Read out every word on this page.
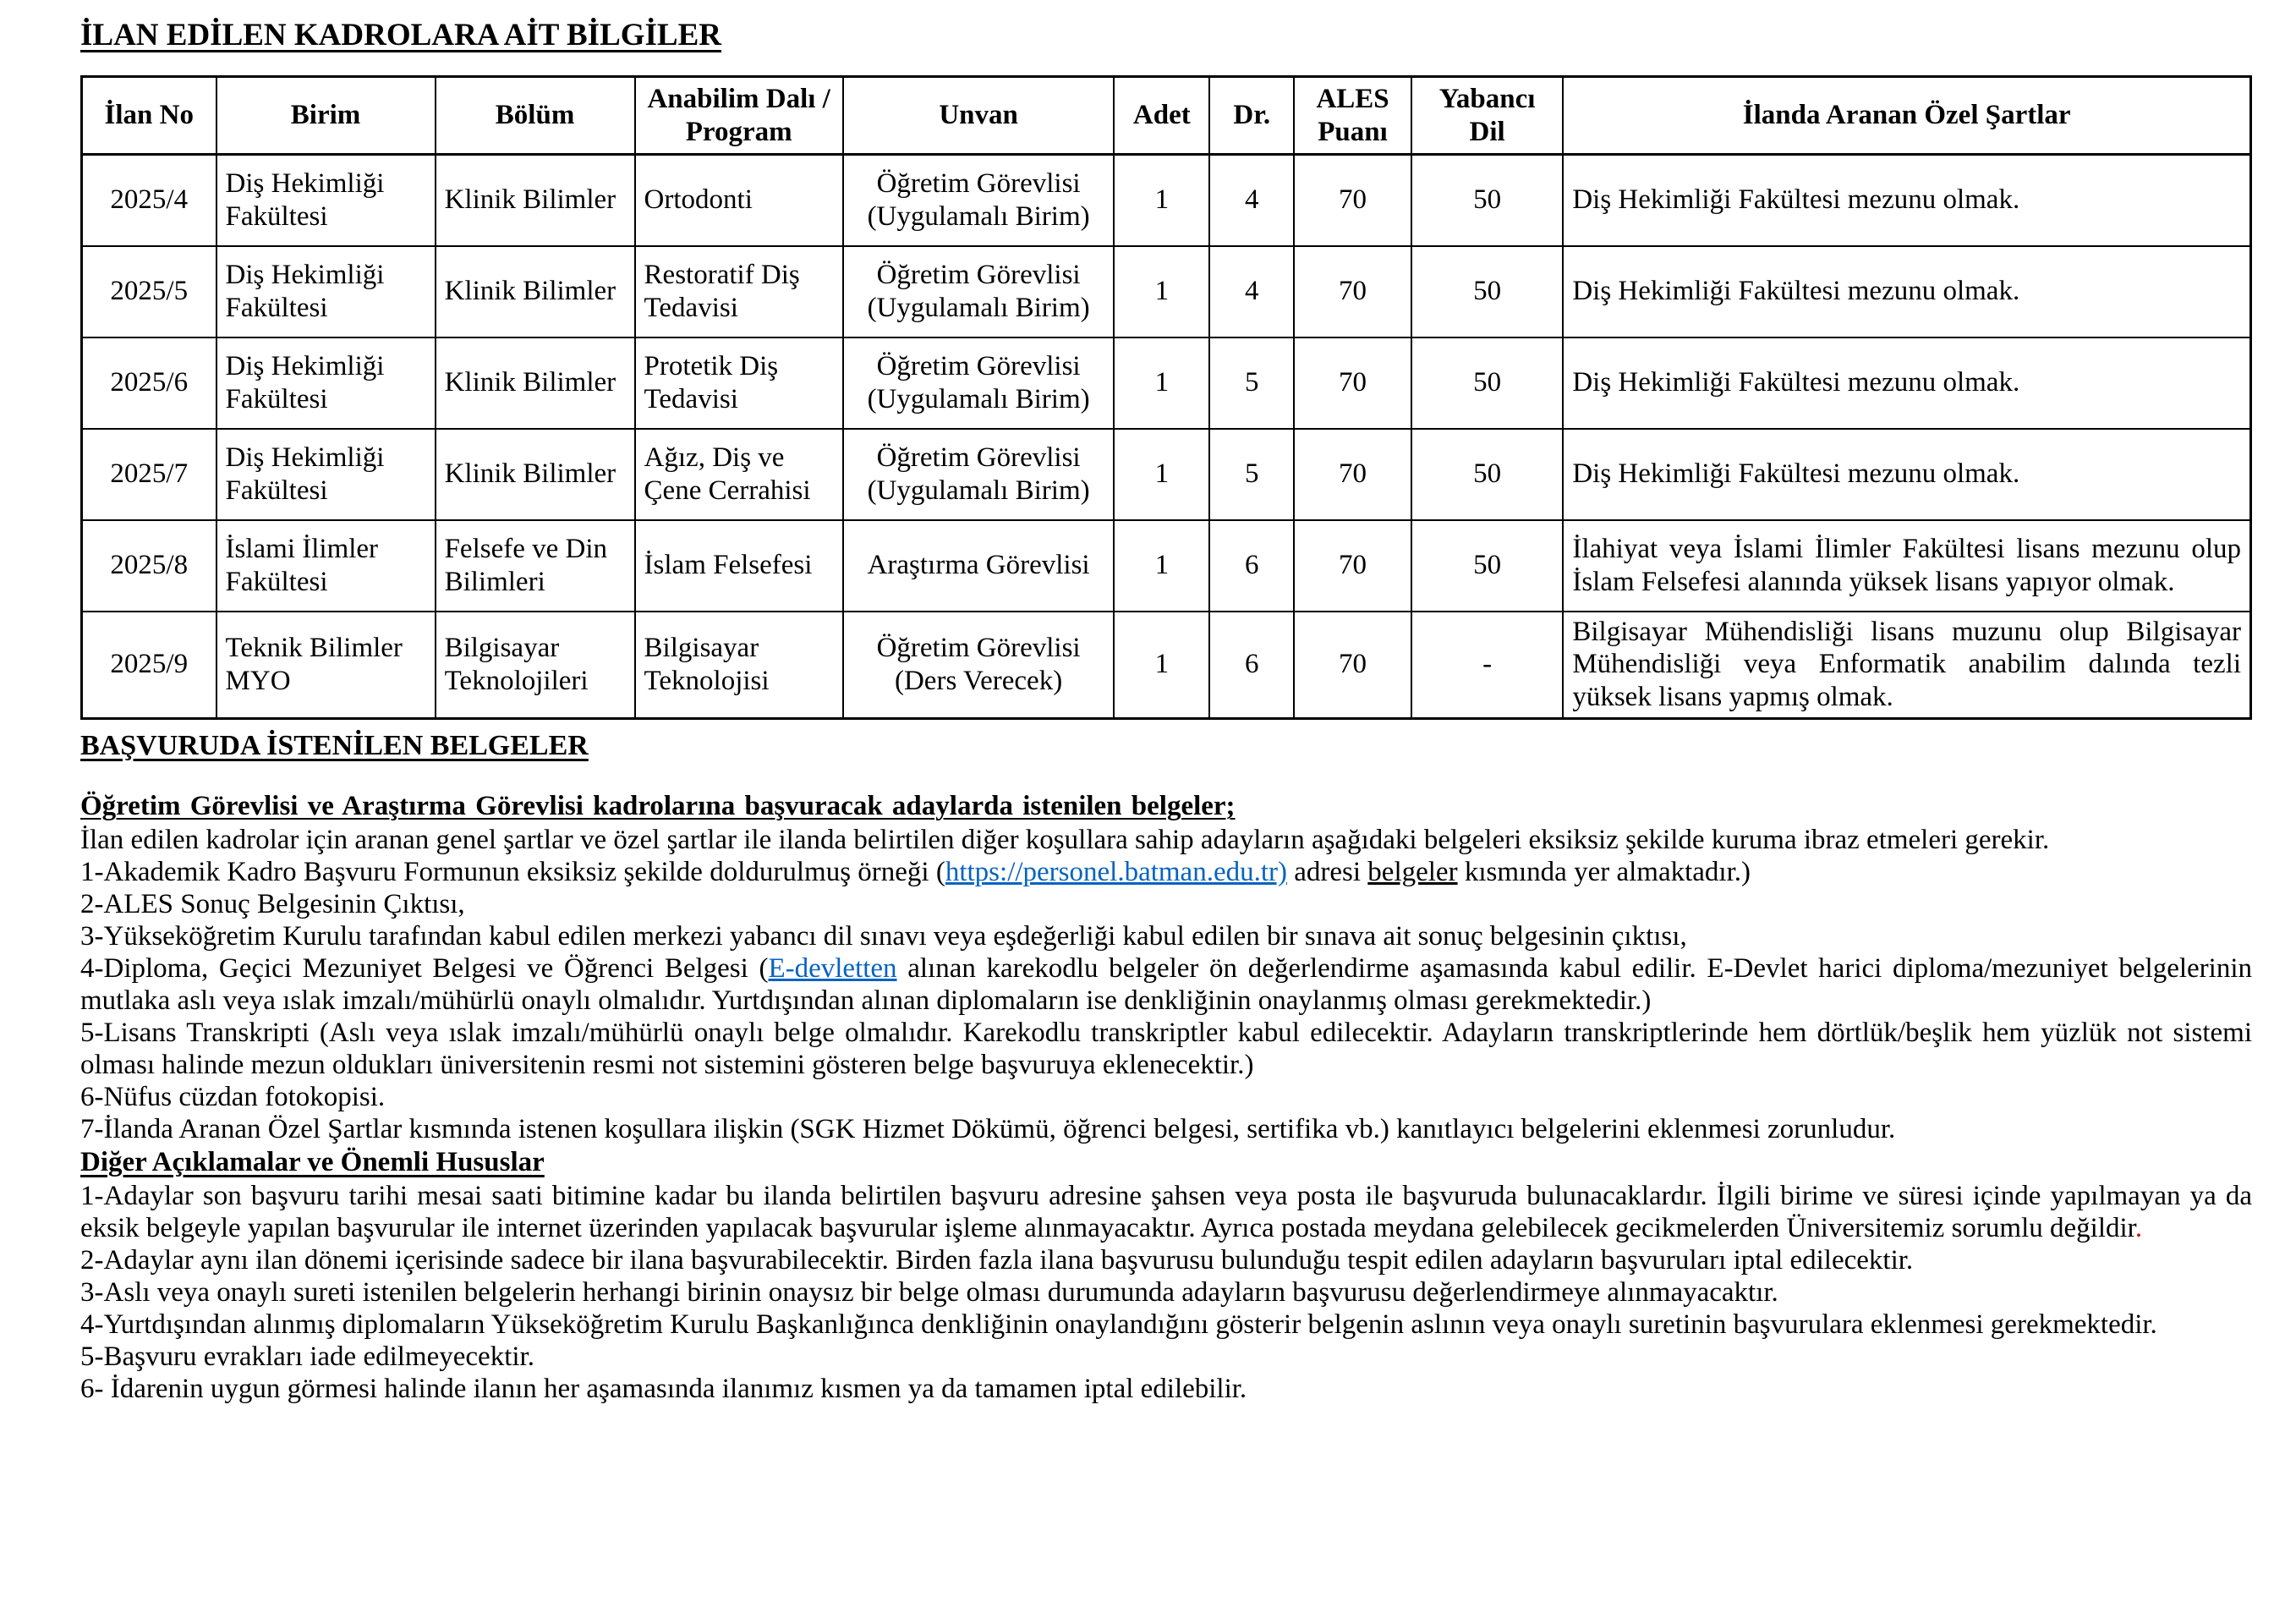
İLAN EDİLEN KADROLARA AİT BİLGİLER
İlan No	Birim	Bölüm	Anabilim Dalı / Program	Unvan	Adet	Dr.	ALES Puanı	Yabancı Dil	İlanda Aranan Özel Şartlar
2025/4	Diş Hekimliği Fakültesi	Klinik Bilimler	Ortodonti	Öğretim Görevlisi (Uygulamalı Birim)	1	4	70	50	Diş Hekimliği Fakültesi mezunu olmak.
2025/5	Diş Hekimliği Fakültesi	Klinik Bilimler	Restoratif Diş Tedavisi	Öğretim Görevlisi (Uygulamalı Birim)	1	4	70	50	Diş Hekimliği Fakültesi mezunu olmak.
2025/6	Diş Hekimliği Fakültesi	Klinik Bilimler	Protetik Diş Tedavisi	Öğretim Görevlisi (Uygulamalı Birim)	1	5	70	50	Diş Hekimliği Fakültesi mezunu olmak.
2025/7	Diş Hekimliği Fakültesi	Klinik Bilimler	Ağız, Diş ve Çene Cerrahisi	Öğretim Görevlisi (Uygulamalı Birim)	1	5	70	50	Diş Hekimliği Fakültesi mezunu olmak.
2025/8	İslami İlimler Fakültesi	Felsefe ve Din Bilimleri	İslam Felsefesi	Araştırma Görevlisi	1	6	70	50	İlahiyat veya İslami İlimler Fakültesi lisans mezunu olup İslam Felsefesi alanında yüksek lisans yapıyor olmak.
2025/9	Teknik Bilimler MYO	Bilgisayar Teknolojileri	Bilgisayar Teknolojisi	Öğretim Görevlisi (Ders Verecek)	1	6	70	-	Bilgisayar Mühendisliği lisans muzunu olup Bilgisayar Mühendisliği veya Enformatik anabilim dalında tezli yüksek lisans yapmış olmak.
BAŞVURUDA İSTENİLEN BELGELER

Öğretim Görevlisi ve Araştırma Görevlisi kadrolarına başvuracak adaylarda istenilen belgeler;

İlan edilen kadrolar için aranan genel şartlar ve özel şartlar ile ilanda belirtilen diğer koşullara sahip adayların aşağıdaki belgeleri eksiksiz şekilde kuruma ibraz etmeleri gerekir.

1-Akademik Kadro Başvuru Formunun eksiksiz şekilde doldurulmuş örneği (https://personel.batman.edu.tr) adresi belgeler kısmında yer almaktadır.)

2-ALES Sonuç Belgesinin Çıktısı,

3-Yükseköğretim Kurulu tarafından kabul edilen merkezi yabancı dil sınavı veya eşdeğerliği kabul edilen bir sınava ait sonuç belgesinin çıktısı,

4-Diploma, Geçici Mezuniyet Belgesi ve Öğrenci Belgesi (E-devletten alınan karekodlu belgeler ön değerlendirme aşamasında kabul edilir. E-Devlet harici diploma/mezuniyet belgelerinin mutlaka aslı veya ıslak imzalı/mühürlü onaylı olmalıdır. Yurtdışından alınan diplomaların ise denkliğinin onaylanmış olması gerekmektedir.)

5-Lisans Transkripti (Aslı veya ıslak imzalı/mühürlü onaylı belge olmalıdır. Karekodlu transkriptler kabul edilecektir. Adayların transkriptlerinde hem dörtlük/beşlik hem yüzlük not sistemi olması halinde mezun oldukları üniversitenin resmi not sistemini gösteren belge başvuruya eklenecektir.)

6-Nüfus cüzdan fotokopisi.

7-İlanda Aranan Özel Şartlar kısmında istenen koşullara ilişkin (SGK Hizmet Dökümü, öğrenci belgesi, sertifika vb.) kanıtlayıcı belgelerini eklenmesi zorunludur.

Diğer Açıklamalar ve Önemli Hususlar

1-Adaylar son başvuru tarihi mesai saati bitimine kadar bu ilanda belirtilen başvuru adresine şahsen veya posta ile başvuruda bulunacaklardır. İlgili birime ve süresi içinde yapılmayan ya da eksik belgeyle yapılan başvurular ile internet üzerinden yapılacak başvurular işleme alınmayacaktır. Ayrıca postada meydana gelebilecek gecikmelerden Üniversitemiz sorumlu değildir.

2-Adaylar aynı ilan dönemi içerisinde sadece bir ilana başvurabilecektir. Birden fazla ilana başvurusu bulunduğu tespit edilen adayların başvuruları iptal edilecektir.

3-Aslı veya onaylı sureti istenilen belgelerin herhangi birinin onaysız bir belge olması durumunda adayların başvurusu değerlendirmeye alınmayacaktır.

4-Yurtdışından alınmış diplomaların Yükseköğretim Kurulu Başkanlığınca denkliğinin onaylandığını gösterir belgenin aslının veya onaylı suretinin başvurulara eklenmesi gerekmektedir.

5-Başvuru evrakları iade edilmeyecektir.

6- İdarenin uygun görmesi halinde ilanın her aşamasında ilanımız kısmen ya da tamamen iptal edilebilir.
